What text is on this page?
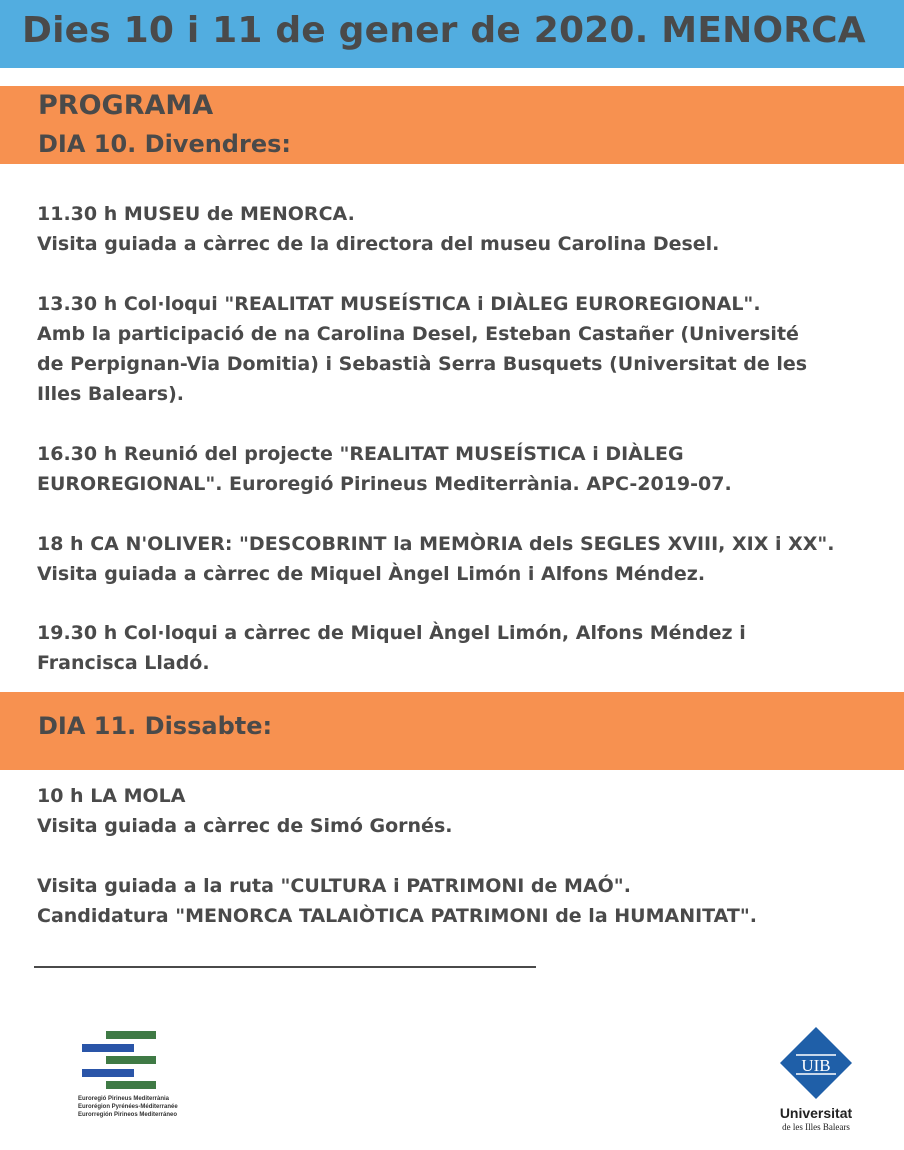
Dies 10 i 11 de gener de 2020. MENORCA
PROGRAMA
DIA 10. Divendres:
11.30 h MUSEU de MENORCA.
Visita guiada a càrrec de la directora del museu Carolina Desel.
13.30 h Col·loqui "REALITAT MUSEÍSTICA i DIÀLEG EUROREGIONAL".
Amb la participació de na Carolina Desel, Esteban Castañer (Université
de Perpignan-Via Domitia) i Sebastià Serra Busquets (Universitat de les
Illes Balears).
16.30 h Reunió del projecte "REALITAT MUSEÍSTICA i DIÀLEG
EUROREGIONAL". Euroregió Pirineus Mediterrània. APC-2019-07.
18 h CA N'OLIVER: "DESCOBRINT la MEMÒRIA dels SEGLES XVIII, XIX i XX".
Visita guiada a càrrec de Miquel Àngel Limón i Alfons Méndez.
19.30 h Col·loqui a càrrec de Miquel Àngel Limón, Alfons Méndez i
Francisca Lladó.
DIA 11. Dissabte:
10 h LA MOLA
Visita guiada a càrrec de Simó Gornés.
Visita guiada a la ruta "CULTURA i PATRIMONI de MAÓ".
Candidatura "MENORCA TALAIÒTICA PATRIMONI de la HUMANITAT".
Euroregió Pirineus Mediterrània
Eurorégion Pyrénées-Méditerranée
Eurorregión Pirineos Mediterráneo
UIB
Universitat
de les Illes Balears
